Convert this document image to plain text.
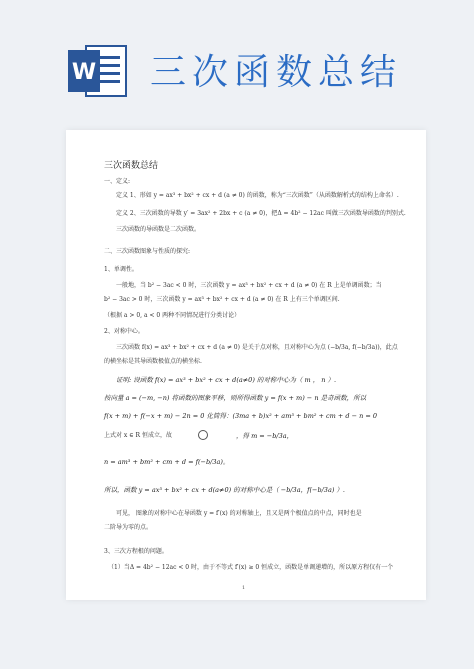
W 三次函数总结
三次函数总结
一、定义:
定义 1、形如 y = ax³ + bx² + cx + d (a ≠ 0) 的函数，称为“三次函数”（从函数解析式的结构上命名）.
定义 2、三次函数的导数 y′ = 3ax² + 2bx + c (a ≠ 0)，把Δ = 4b² − 12ac 叫做三次函数导函数的判别式.
三次函数的导函数是二次函数。
二、三次函数图象与性质的探究:
1、单调性。
一般地，当 b² − 3ac < 0 时，三次函数 y = ax³ + bx² + cx + d (a ≠ 0) 在 R 上是单调函数；当
b² − 3ac > 0 时，三次函数 y = ax³ + bx² + cx + d (a ≠ 0) 在 R 上有三个单调区间.
（根据 a > 0, a < 0 两种不同情况进行分类讨论）
2、对称中心。
三次函数 f(x) = ax³ + bx² + cx + d (a ≠ 0) 是关于点对称，且对称中心为点 (−b/3a, f(−b/3a))，此点
的横坐标是其导函数极值点的横坐标.
证明: 设函数 f(x) = ax³ + bx² + cx + d(a≠0) 的对称中心为（ m ， n ）.
按向量 a = (−m, −n) 将函数的图象平移，则所得函数 y = f(x + m) − n 是奇函数，所以
f(x + m) + f(−x + m) − 2n = 0 化简得：(3ma + b)x² + am³ + bm² + cm + d − n = 0
上式对 x ∈ R 恒成立，故	，得 m = −b/3a，
n = am³ + bm² + cm + d = f(−b/3a)。
所以，函数 y = ax³ + bx² + cx + d(a≠0) 的对称中心是（ −b/3a，f(−b/3a) ）.
可见， 图象的对称中心在导函数 y = f′(x) 的对称轴上，且又是两个极值点的中点，同时也是
二阶导为零的点。
3、三次方程根的问题。
（1）当Δ = 4b² − 12ac < 0 时，由于不等式 f′(x) ≥ 0 恒成立，函数是单调递增的，所以原方程仅有一个
1
